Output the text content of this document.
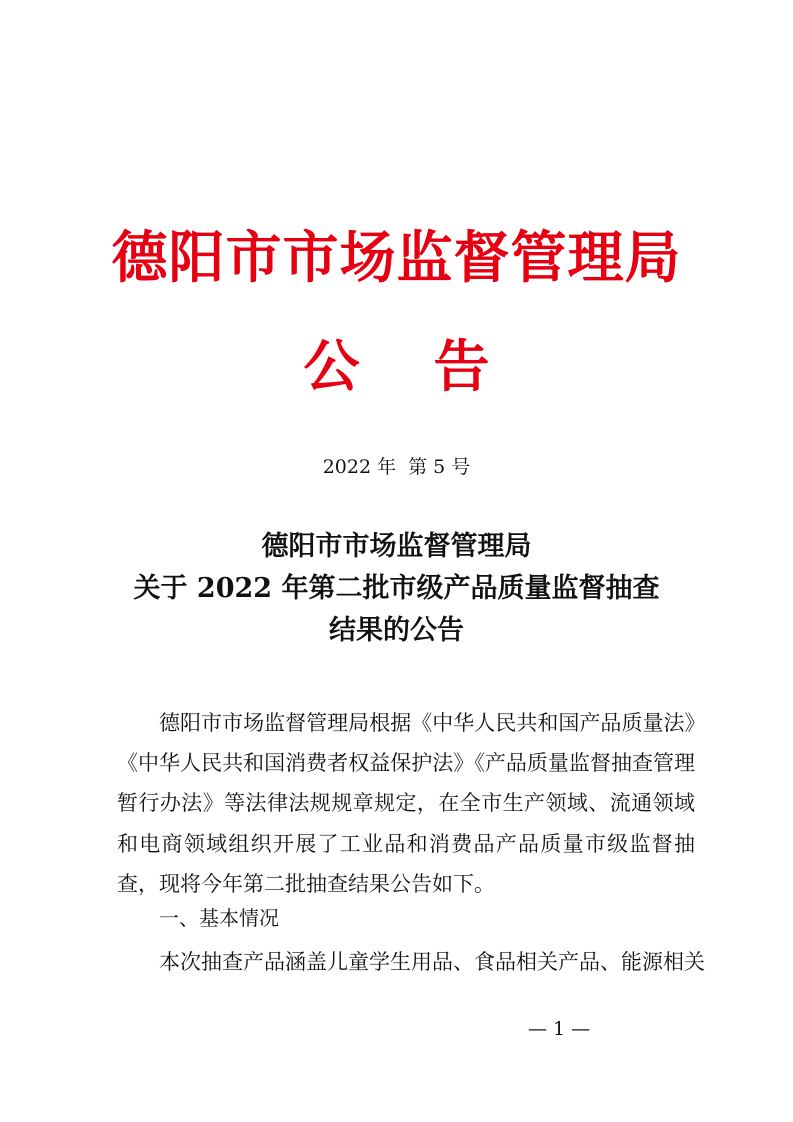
德阳市市场监督管理局
公 告
2022 年 第 5 号
德阳市市场监督管理局
关于 2022 年第二批市级产品质量监督抽查
结果的公告
德阳市市场监督管理局根据《中华人民共和国产品质量法》《中华人民共和国消费者权益保护法》《产品质量监督抽查管理暂行办法》等法律法规规章规定，在全市生产领域、流通领域和电商领域组织开展了工业品和消费品产品质量市级监督抽查，现将今年第二批抽查结果公告如下。
一、基本情况
本次抽查产品涵盖儿童学生用品、食品相关产品、能源相关
— 1 —
